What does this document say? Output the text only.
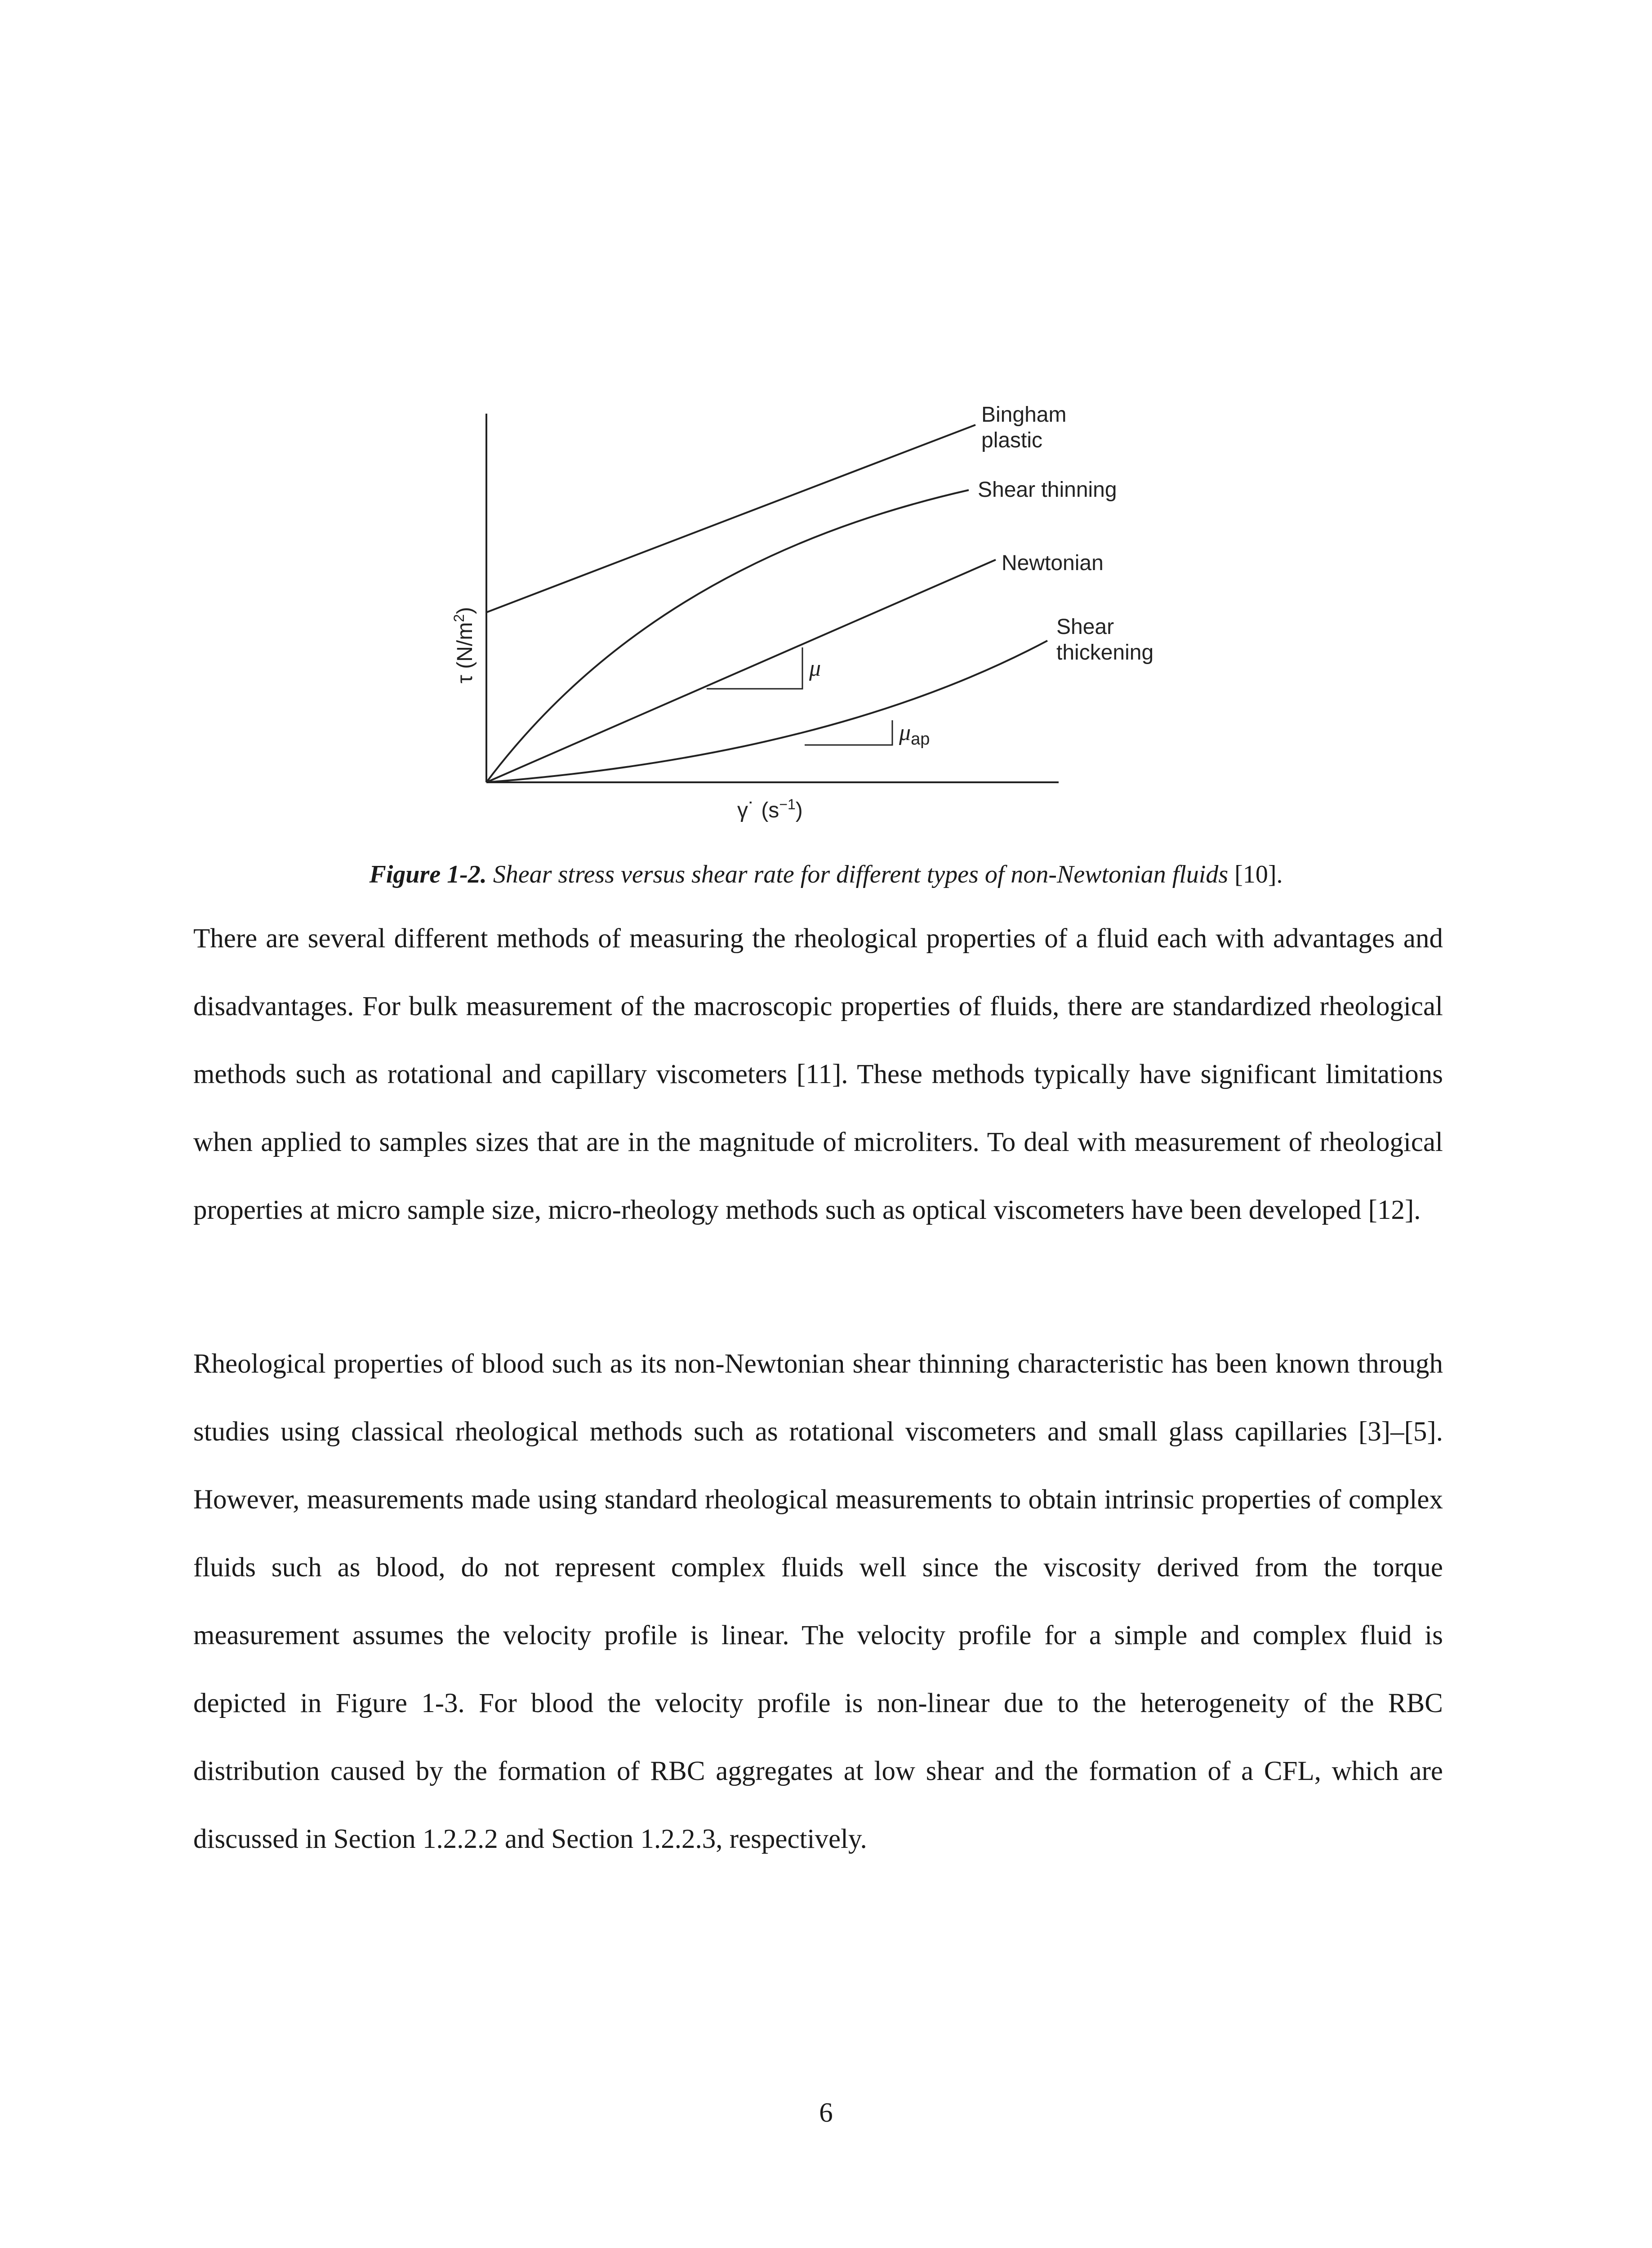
Bingham
plastic
Shear thinning
Newtonian
Shear
thickening
μ
μap
τ $(N/m^2)$
γ˙ $(s^{-1})$
Figure 1-2. Shear stress versus shear rate for different types of non-Newtonian fluids [10].

There are several different methods of measuring the rheological properties of a fluid each with advantages and disadvantages. For bulk measurement of the macroscopic properties of fluids, there are standardized rheological methods such as rotational and capillary viscometers [11]. These methods typically have significant limitations when applied to samples sizes that are in the magnitude of microliters. To deal with measurement of rheological properties at micro sample size, micro-rheology methods such as optical viscometers have been developed [12].

Rheological properties of blood such as its non-Newtonian shear thinning characteristic has been known through studies using classical rheological methods such as rotational viscometers and small glass capillaries [3]–[5]. However, measurements made using standard rheological measurements to obtain intrinsic properties of complex fluids such as blood, do not represent complex fluids well since the viscosity derived from the torque measurement assumes the velocity profile is linear. The velocity profile for a simple and complex fluid is depicted in Figure 1-3. For blood the velocity profile is non-linear due to the heterogeneity of the RBC distribution caused by the formation of RBC aggregates at low shear and the formation of a CFL, which are discussed in Section 1.2.2.2 and Section 1.2.2.3, respectively.

6
